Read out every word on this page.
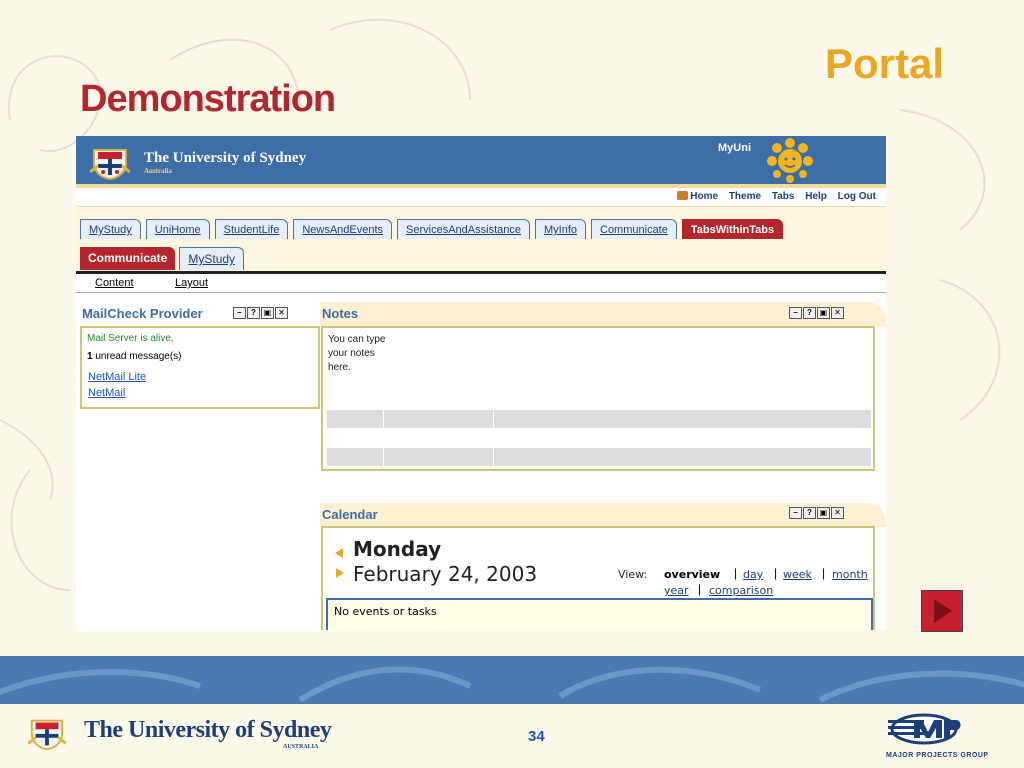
Demonstration
Portal
The University of Sydney
Australia
MyUni
Home Theme Tabs Help Log Out
MyStudy	UniHome	StudentLife	NewsAndEvents	ServicesAndAssistance	MyInfo	Communicate	TabsWithinTabs
Communicate	MyStudy
Content	Layout
MailCheck Provider	–	? ▣ ✕
Mail Server is alive,
1 unread message(s)
NetMail Lite
NetMail
Notes	–	? ▣ ✕
You can type your notes here.
Calendar	–	? ▣ ✕
Monday
February 24, 2003	View: overview | day | week | month
year | comparison
No events or tasks
The University of Sydney
AUSTRALIA
34
MAJOR PROJECTS GROUP
